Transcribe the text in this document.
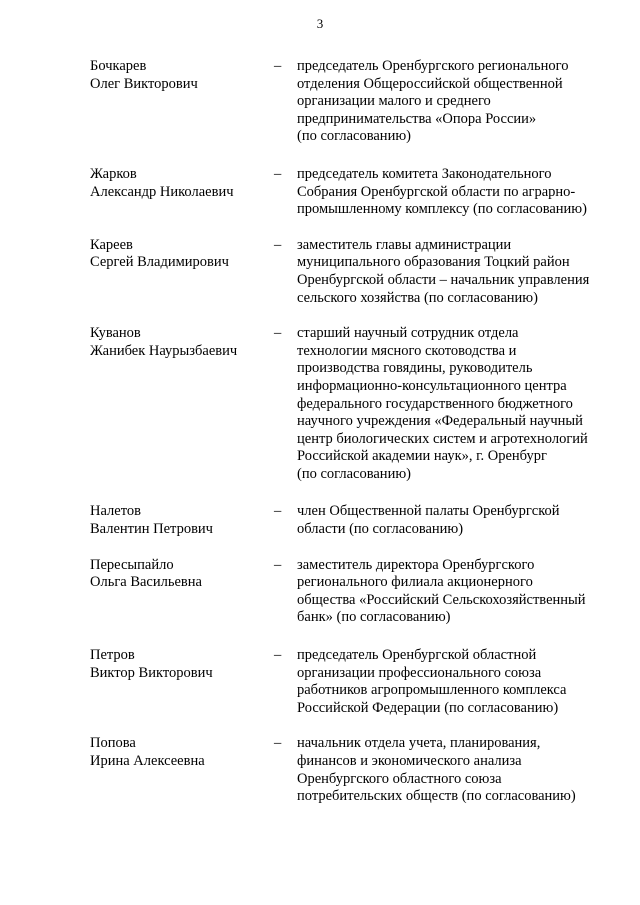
3
Бочкарев
Олег Викторович
– председатель Оренбургского регионального
отделения Общероссийской общественной
организации малого и среднего
предпринимательства «Опора России»
(по согласованию)
Жарков
Александр Николаевич
– председатель комитета Законодательного
Собрания Оренбургской области по аграрно-
промышленному комплексу (по согласованию)
Кареев
Сергей Владимирович
– заместитель главы администрации
муниципального образования Тоцкий район
Оренбургской области – начальник управления
сельского хозяйства (по согласованию)
Куванов
Жанибек Наурызбаевич
– старший научный сотрудник отдела
технологии мясного скотоводства и
производства говядины, руководитель
информационно-консультационного центра
федерального государственного бюджетного
научного учреждения «Федеральный научный
центр биологических систем и агротехнологий
Российской академии наук», г. Оренбург
(по согласованию)
Налетов
Валентин Петрович
– член Общественной палаты Оренбургской
области (по согласованию)
Пересыпайло
Ольга Васильевна
– заместитель директора Оренбургского
регионального филиала акционерного
общества «Российский Сельскохозяйственный
банк» (по согласованию)
Петров
Виктор Викторович
– председатель Оренбургской областной
организации профессионального союза
работников агропромышленного комплекса
Российской Федерации (по согласованию)
Попова
Ирина Алексеевна
– начальник отдела учета, планирования,
финансов и экономического анализа
Оренбургского областного союза
потребительских обществ (по согласованию)
